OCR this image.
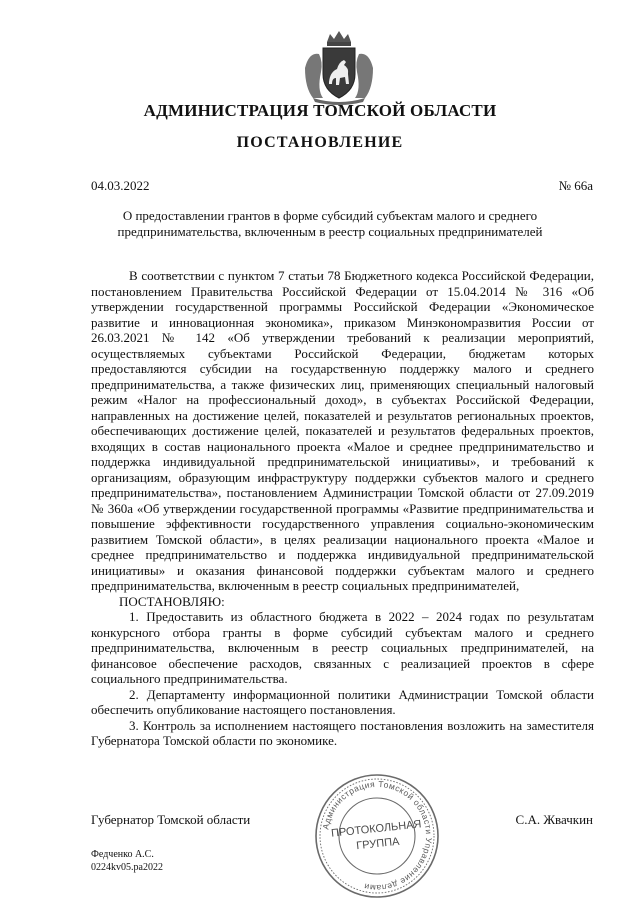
АДМИНИСТРАЦИЯ ТОМСКОЙ ОБЛАСТИ
ПОСТАНОВЛЕНИЕ
04.03.2022	№ 66а
О предоставлении грантов в форме субсидий субъектам малого и среднего
предпринимательства, включенным в реестр социальных предпринимателей

В соответствии с пунктом 7 статьи 78 Бюджетного кодекса Российской Федерации, постановлением Правительства Российской Федерации от 15.04.2014 № 316 «Об утверждении государственной программы Российской Федерации «Экономическое развитие и инновационная экономика», приказом Минэкономразвития России от 26.03.2021 № 142 «Об утверждении требований к реализации мероприятий, осуществляемых субъектами Российской Федерации, бюджетам которых предоставляются субсидии на государственную поддержку малого и среднего предпринимательства, а также физических лиц, применяющих специальный налоговый режим «Налог на профессиональный доход», в субъектах Российской Федерации, направленных на достижение целей, показателей и результатов региональных проектов, обеспечивающих достижение целей, показателей и результатов федеральных проектов, входящих в состав национального проекта «Малое и среднее предпринимательство и поддержка индивидуальной предпринимательской инициативы», и требований к организациям, образующим инфраструктуру поддержки субъектов малого и среднего предпринимательства», постановлением Администрации Томской области от 27.09.2019 № 360а «Об утверждении государственной программы «Развитие предпринимательства и повышение эффективности государственного управления социально-экономическим развитием Томской области», в целях реализации национального проекта «Малое и среднее предпринимательство и поддержка индивидуальной предпринимательской инициативы» и оказания финансовой поддержки субъектам малого и среднего предпринимательства, включенным в реестр социальных предпринимателей,

ПОСТАНОВЛЯЮ:

1. Предоставить из областного бюджета в 2022 – 2024 годах по результатам конкурсного отбора гранты в форме субсидий субъектам малого и среднего предпринимательства, включенным в реестр социальных предпринимателей, на финансовое обеспечение расходов, связанных с реализацией проектов в сфере социального предпринимательства.

2. Департаменту информационной политики Администрации Томской области обеспечить опубликование настоящего постановления.

3. Контроль за исполнением настоящего постановления возложить на заместителя Губернатора Томской области по экономике.

Губернатор Томской области	С.А. Жвачкин
Федченко А.С.
0224kv05.pa2022
Администрация Томской области Управление делами
ПРОТОКОЛЬНАЯ
ГРУППА
